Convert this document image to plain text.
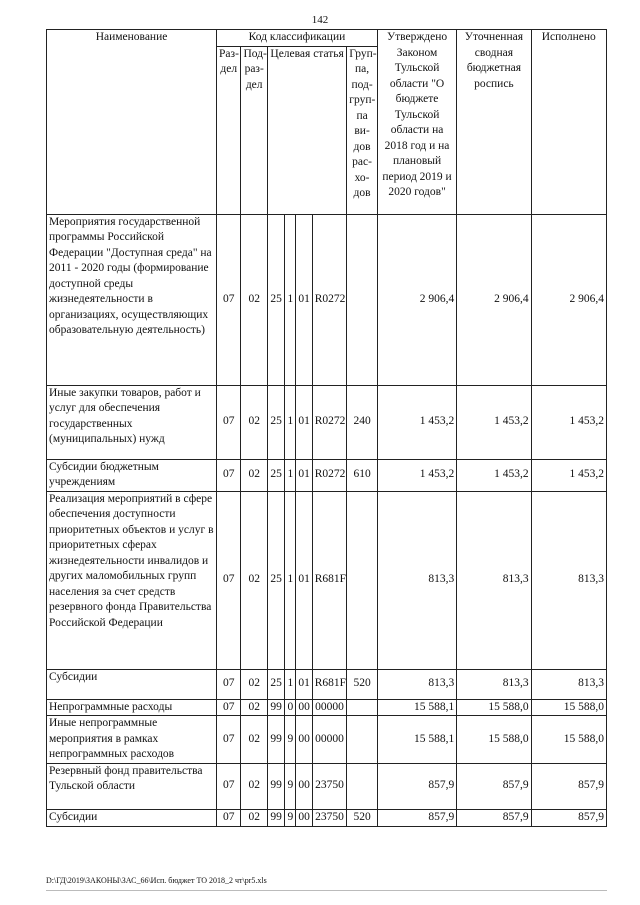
142
Наименование	Код классификации							Утверждено Законом Тульской области "О бюджете Тульской области на 2018 год и на плановый период 2019 и 2020 годов"	Уточненная сводная бюджетная роспись	Исполнено
	Раз-дел	Под-раз-дел	Целевая статья				Груп-па, под-груп-па ви-дов рас-хо-дов			
Мероприятия государственной программы Российской Федерации "Доступная среда" на 2011 - 2020 годы (формирование доступной среды жизнедеятельности в организациях, осуществляющих образовательную деятельность)	07	02	25	1	01	R0272		2 906,4	2 906,4	2 906,4
Иные закупки товаров, работ и услуг для обеспечения государственных (муниципальных) нужд	07	02	25	1	01	R0272	240	1 453,2	1 453,2	1 453,2
Субсидии бюджетным учреждениям	07	02	25	1	01	R0272	610	1 453,2	1 453,2	1 453,2
Реализация мероприятий в сфере обеспечения доступности приоритетных объектов и услуг в приоритетных сферах жизнедеятельности инвалидов и других маломобильных групп населения за счет средств резервного фонда Правительства Российской Федерации	07	02	25	1	01	R681F		813,3	813,3	813,3
Субсидии	07	02	25	1	01	R681F	520	813,3	813,3	813,3
Непрограммные расходы	07	02	99	0	00	00000		15 588,1	15 588,0	15 588,0
Иные непрограммные мероприятия в рамках непрограммных расходов	07	02	99	9	00	00000		15 588,1	15 588,0	15 588,0
Резервный фонд правительства Тульской области	07	02	99	9	00	23750		857,9	857,9	857,9
Субсидии	07	02	99	9	00	23750	520	857,9	857,9	857,9
D:\ГД\2019\ЗАКОНЫ\ЗАС_66\Исп. бюджет ТО 2018_2 чт\pr5.xls
